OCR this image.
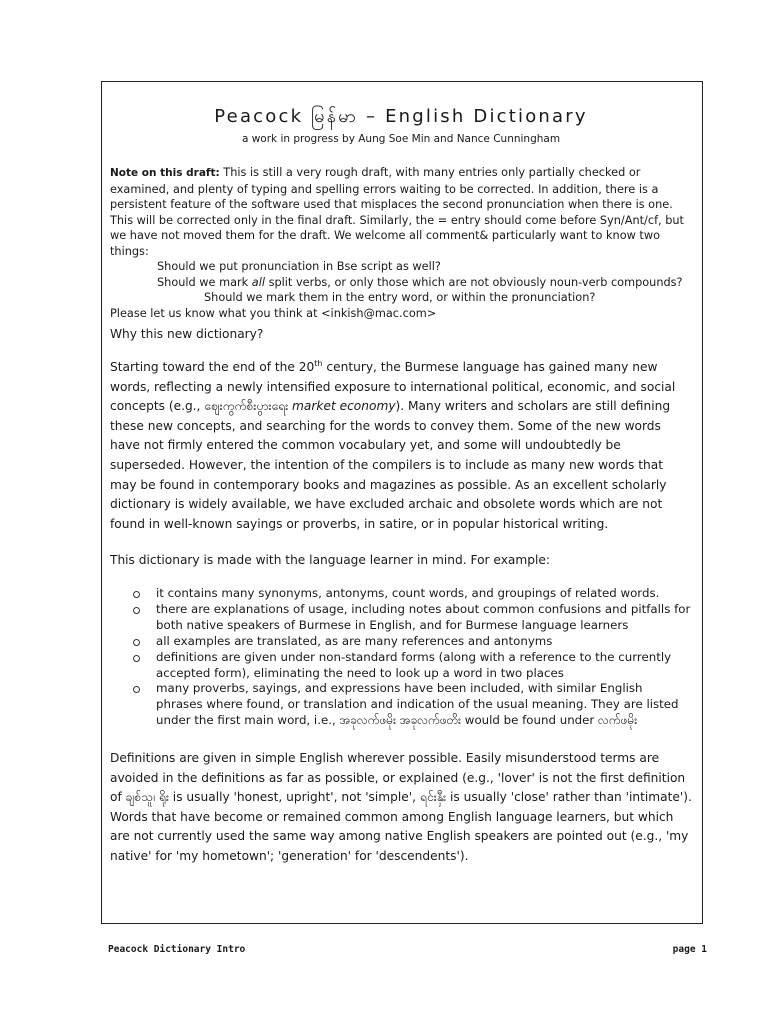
Peacock မြန်မာ – English Dictionary
a work in progress by Aung Soe Min and Nance Cunningham

Note on this draft: This is still a very rough draft, with many entries only partially checked or examined, and plenty of typing and spelling errors waiting to be corrected. In addition, there is a persistent feature of the software used that misplaces the second pronunciation when there is one. This will be corrected only in the final draft. Similarly, the = entry should come before Syn/Ant/cf, but we have not moved them for the draft. We welcome all comment& particularly want to know two things:

Should we put pronunciation in Bse script as well?

Should we mark all split verbs, or only those which are not obviously noun-verb compounds?

Should we mark them in the entry word, or within the pronunciation?

Please let us know what you think at <inkish@mac.com>

Why this new dictionary?

Starting toward the end of the 20th century, the Burmese language has gained many new words, reflecting a newly intensified exposure to international political, economic, and social concepts (e.g., ဈေးကွက်စီးပွားရေး market economy). Many writers and scholars are still defining these new concepts, and searching for the words to convey them. Some of the new words have not firmly entered the common vocabulary yet, and some will undoubtedly be superseded. However, the intention of the compilers is to include as many new words that may be found in contemporary books and magazines as possible. As an excellent scholarly dictionary is widely available, we have excluded archaic and obsolete words which are not found in well-known sayings or proverbs, in satire, or in popular historical writing.

This dictionary is made with the language learner in mind. For example:
it contains many synonyms, antonyms, count words, and groupings of related words.
there are explanations of usage, including notes about common confusions and pitfalls for both native speakers of Burmese in English, and for Burmese language learners
all examples are translated, as are many references and antonyms
definitions are given under non-standard forms (along with a reference to the currently accepted form), eliminating the need to look up a word in two places
many proverbs, sayings, and expressions have been included, with similar English phrases where found, or translation and indication of the usual meaning. They are listed under the first main word, i.e., အခုလက်ဖမိုး အခုလက်ဖတိး would be found under လက်ဖမိုး
Definitions are given in simple English wherever possible. Easily misunderstood terms are avoided in the definitions as far as possible, or explained (e.g., 'lover' is not the first definition of ချစ်သူ၊ ရိုး is usually 'honest, upright', not 'simple', ရင်းနှီး is usually 'close' rather than 'intimate'). Words that have become or remained common among English language learners, but which are not currently used the same way among native English speakers are pointed out (e.g., 'my native' for 'my hometown'; 'generation' for 'descendents').
Peacock Dictionary Intro	page 1
